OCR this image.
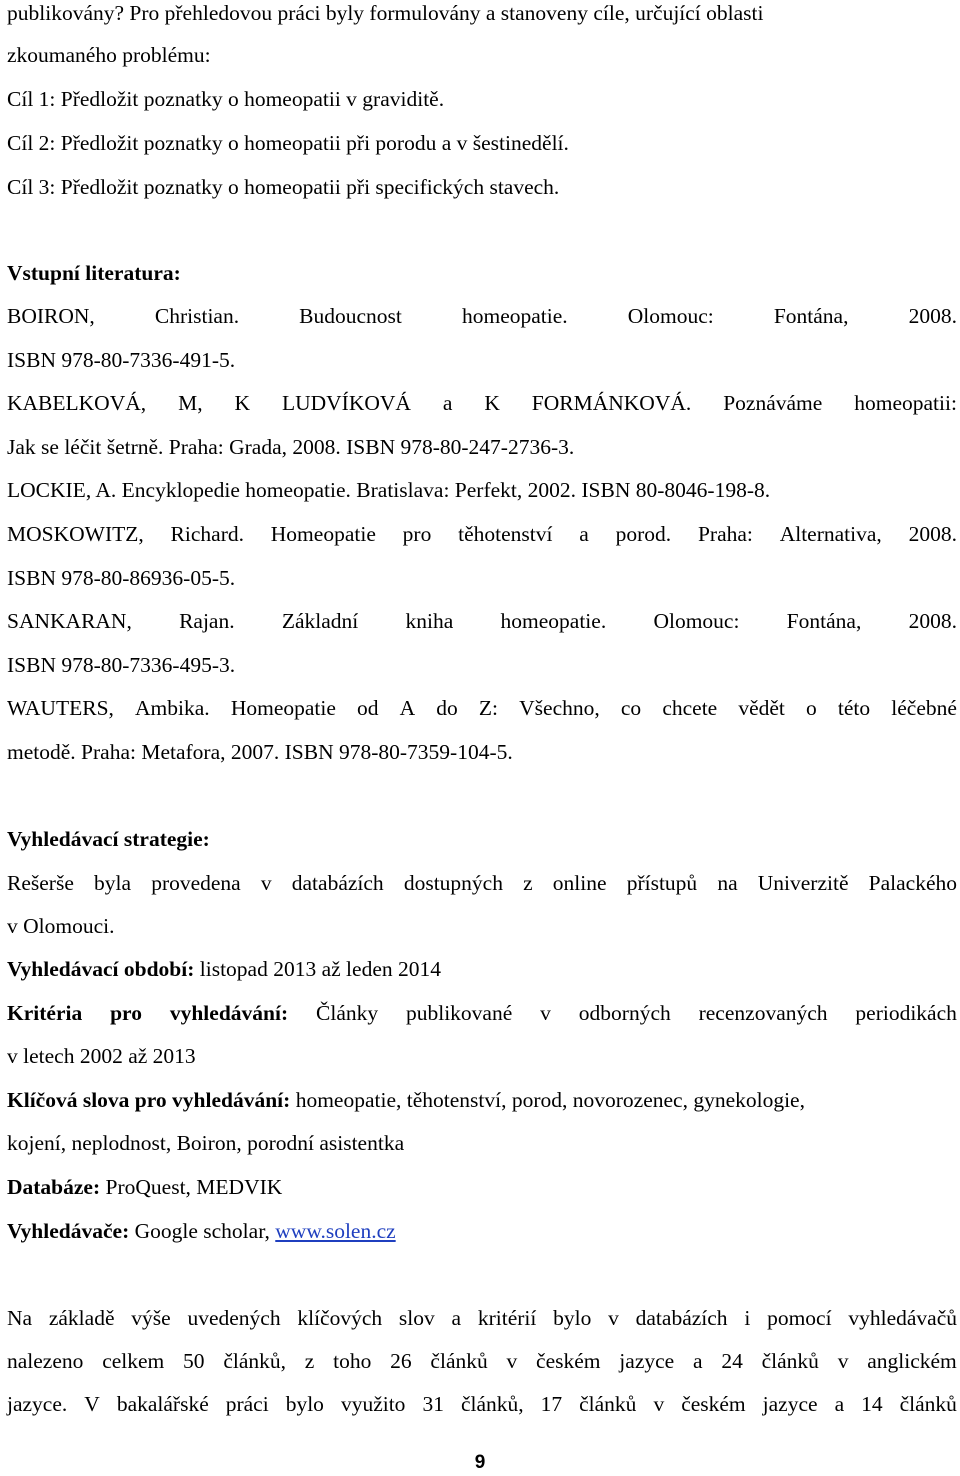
publikovány? Pro přehledovou práci byly formulovány a stanoveny cíle, určující oblasti
zkoumaného problému:
Cíl 1: Předložit poznatky o homeopatii v graviditě.
Cíl 2: Předložit poznatky o homeopatii při porodu a v šestinedělí.
Cíl 3: Předložit poznatky o homeopatii při specifických stavech.
Vstupní literatura:
BOIRON,	Christian.	Budoucnost	homeopatie.	Olomouc:	Fontána,	2008.
ISBN 978-80-7336-491-5.
KABELKOVÁ, M, K LUDVÍKOVÁ a K FORMÁNKOVÁ. Poznáváme homeopatii:
Jak se léčit šetrně. Praha: Grada, 2008. ISBN 978-80-247-2736-3.
LOCKIE, A. Encyklopedie homeopatie. Bratislava: Perfekt, 2002. ISBN 80-8046-198-8.
MOSKOWITZ, Richard. Homeopatie pro těhotenství a porod. Praha: Alternativa, 2008.
ISBN 978-80-86936-05-5.
SANKARAN, Rajan. Základní kniha homeopatie. Olomouc: Fontána, 2008.
ISBN 978-80-7336-495-3.
WAUTERS, Ambika. Homeopatie od A do Z: Všechno, co chcete vědět o této léčebné
metodě. Praha: Metafora, 2007. ISBN 978-80-7359-104-5.
Vyhledávací strategie:
Rešerše byla provedena v databázích dostupných z online přístupů na Univerzitě Palackého
v Olomouci.
Vyhledávací období: listopad 2013 až leden 2014
Kritéria pro vyhledávání: Články publikované v odborných recenzovaných periodikách
v letech 2002 až 2013
Klíčová slova pro vyhledávání: homeopatie, těhotenství, porod, novorozenec, gynekologie,
kojení, neplodnost, Boiron, porodní asistentka
Databáze: ProQuest, MEDVIK
Vyhledávače: Google scholar, www.solen.cz
Na základě výše uvedených klíčových slov a kritérií bylo v databázích i pomocí vyhledávačů
nalezeno celkem 50 článků, z toho 26 článků v českém jazyce a 24 článků v anglickém
jazyce. V bakalářské práci bylo využito 31 článků, 17 článků v českém jazyce a 14 článků
9
